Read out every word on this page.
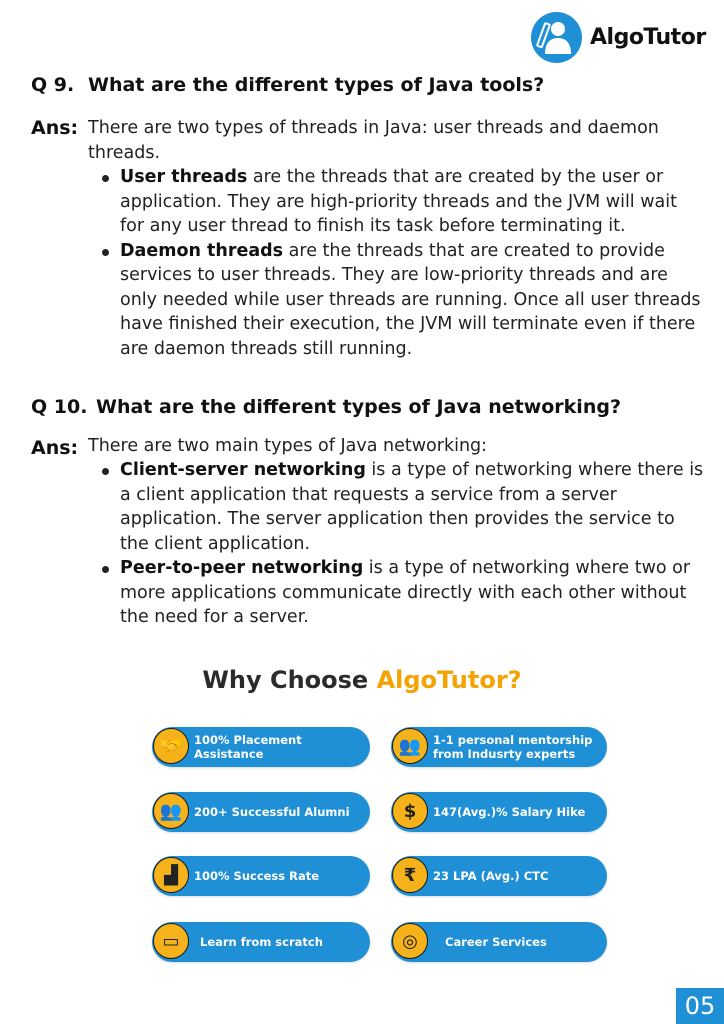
AlgoTutor
Q 9. What are the different types of Java tools?
Ans: There are two types of threads in Java: user threads and daemon threads.
User threads are the threads that are created by the user or application. They are high-priority threads and the JVM will wait for any user thread to finish its task before terminating it.
Daemon threads are the threads that are created to provide services to user threads. They are low-priority threads and are only needed while user threads are running. Once all user threads have finished their execution, the JVM will terminate even if there are daemon threads still running.
Q 10. What are the different types of Java networking?
Ans: There are two main types of Java networking:
Client-server networking is a type of networking where there is a client application that requests a service from a server application. The server application then provides the service to the client application.
Peer-to-peer networking is a type of networking where two or more applications communicate directly with each other without the need for a server.
Why Choose AlgoTutor?
🤝	100% Placement Assistance	👥	1-1 personal mentorship
from Indusrty experts
👥	200+ Successful Alumni	$	147(Avg.)% Salary Hike
▟	100% Success Rate	₹	23 LPA (Avg.) CTC
▭	Learn from scratch	◎	Career Services
05
